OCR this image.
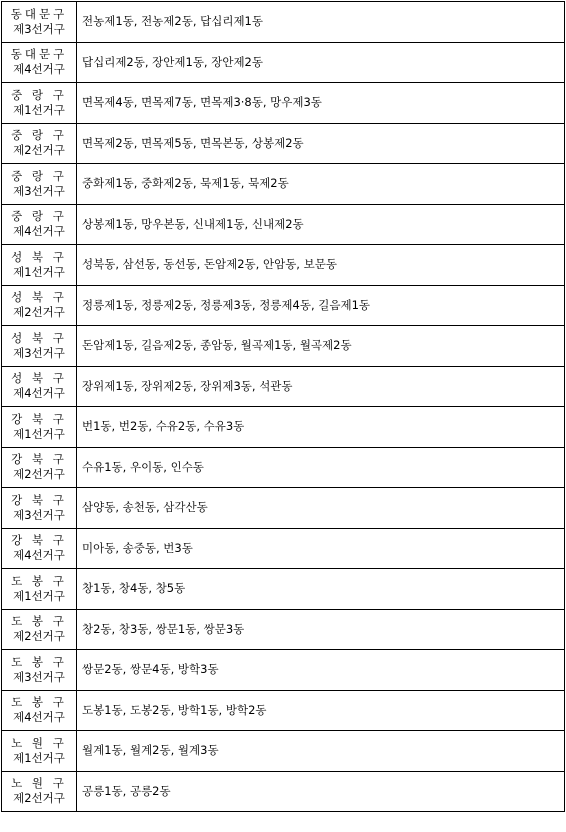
동대문구
제3선거구	전농제1동, 전농제2동, 답십리제1동

동대문구
제4선거구	답십리제2동, 장안제1동, 장안제2동

중 랑 구
제1선거구	면목제4동, 면목제7동, 면목제3·8동, 망우제3동

중 랑 구
제2선거구	면목제2동, 면목제5동, 면목본동, 상봉제2동

중 랑 구
제3선거구	중화제1동, 중화제2동, 묵제1동, 묵제2동

중 랑 구
제4선거구	상봉제1동, 망우본동, 신내제1동, 신내제2동

성 북 구
제1선거구	성북동, 삼선동, 동선동, 돈암제2동, 안암동, 보문동

성 북 구
제2선거구	정릉제1동, 정릉제2동, 정릉제3동, 정릉제4동, 길음제1동

성 북 구
제3선거구	돈암제1동, 길음제2동, 종암동, 월곡제1동, 월곡제2동

성 북 구
제4선거구	장위제1동, 장위제2동, 장위제3동, 석관동

강 북 구
제1선거구	번1동, 번2동, 수유2동, 수유3동

강 북 구
제2선거구	수유1동, 우이동, 인수동

강 북 구
제3선거구	삼양동, 송천동, 삼각산동

강 북 구
제4선거구	미아동, 송중동, 번3동

도 봉 구
제1선거구	창1동, 창4동, 창5동

도 봉 구
제2선거구	창2동, 창3동, 쌍문1동, 쌍문3동

도 봉 구
제3선거구	쌍문2동, 쌍문4동, 방학3동

도 봉 구
제4선거구	도봉1동, 도봉2동, 방학1동, 방학2동

노 원 구
제1선거구	월계1동, 월계2동, 월계3동

노 원 구
제2선거구	공릉1동, 공릉2동
